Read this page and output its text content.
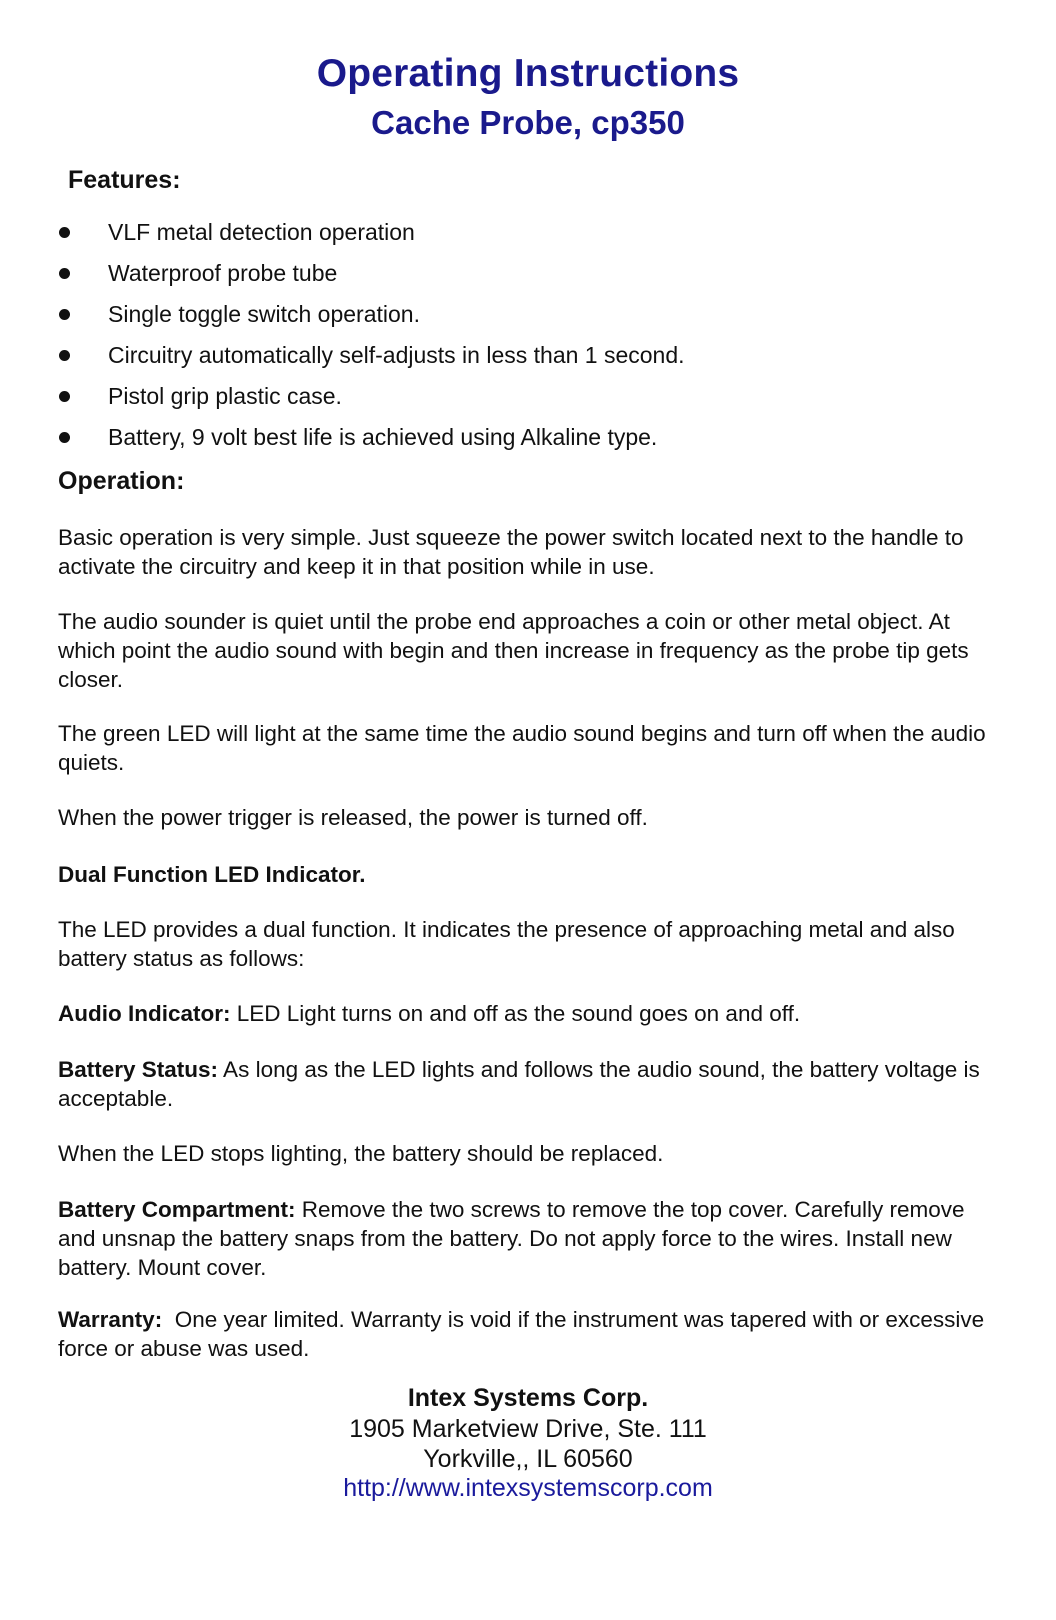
Operating Instructions
Cache Probe, cp350
Features:
VLF metal detection operation
Waterproof probe tube
Single toggle switch operation.
Circuitry automatically self-adjusts in less than 1 second.
Pistol grip plastic case.
Battery, 9 volt best life is achieved using Alkaline type.
Operation:
Basic operation is very simple. Just squeeze the power switch located next to the handle to activate the circuitry and keep it in that position while in use.
The audio sounder is quiet until the probe end approaches a coin or other metal object. At which point the audio sound with begin and then increase in frequency as the probe tip gets closer.
The green LED will light at the same time the audio sound begins and turn off when the audio quiets.
When the power trigger is released, the power is turned off.
Dual Function LED Indicator.
The LED provides a dual function. It indicates the presence of approaching metal and also battery status as follows:
Audio Indicator: LED Light turns on and off as the sound goes on and off.
Battery Status: As long as the LED lights and follows the audio sound, the battery voltage is acceptable.
When the LED stops lighting, the battery should be replaced.
Battery Compartment: Remove the two screws to remove the top cover. Carefully remove and unsnap the battery snaps from the battery. Do not apply force to the wires. Install new battery. Mount cover.
Warranty:  One year limited. Warranty is void if the instrument was tapered with or excessive force or abuse was used.
Intex Systems Corp.
1905 Marketview Drive, Ste. 111
Yorkville,, IL 60560
http://www.intexsystemscorp.com
